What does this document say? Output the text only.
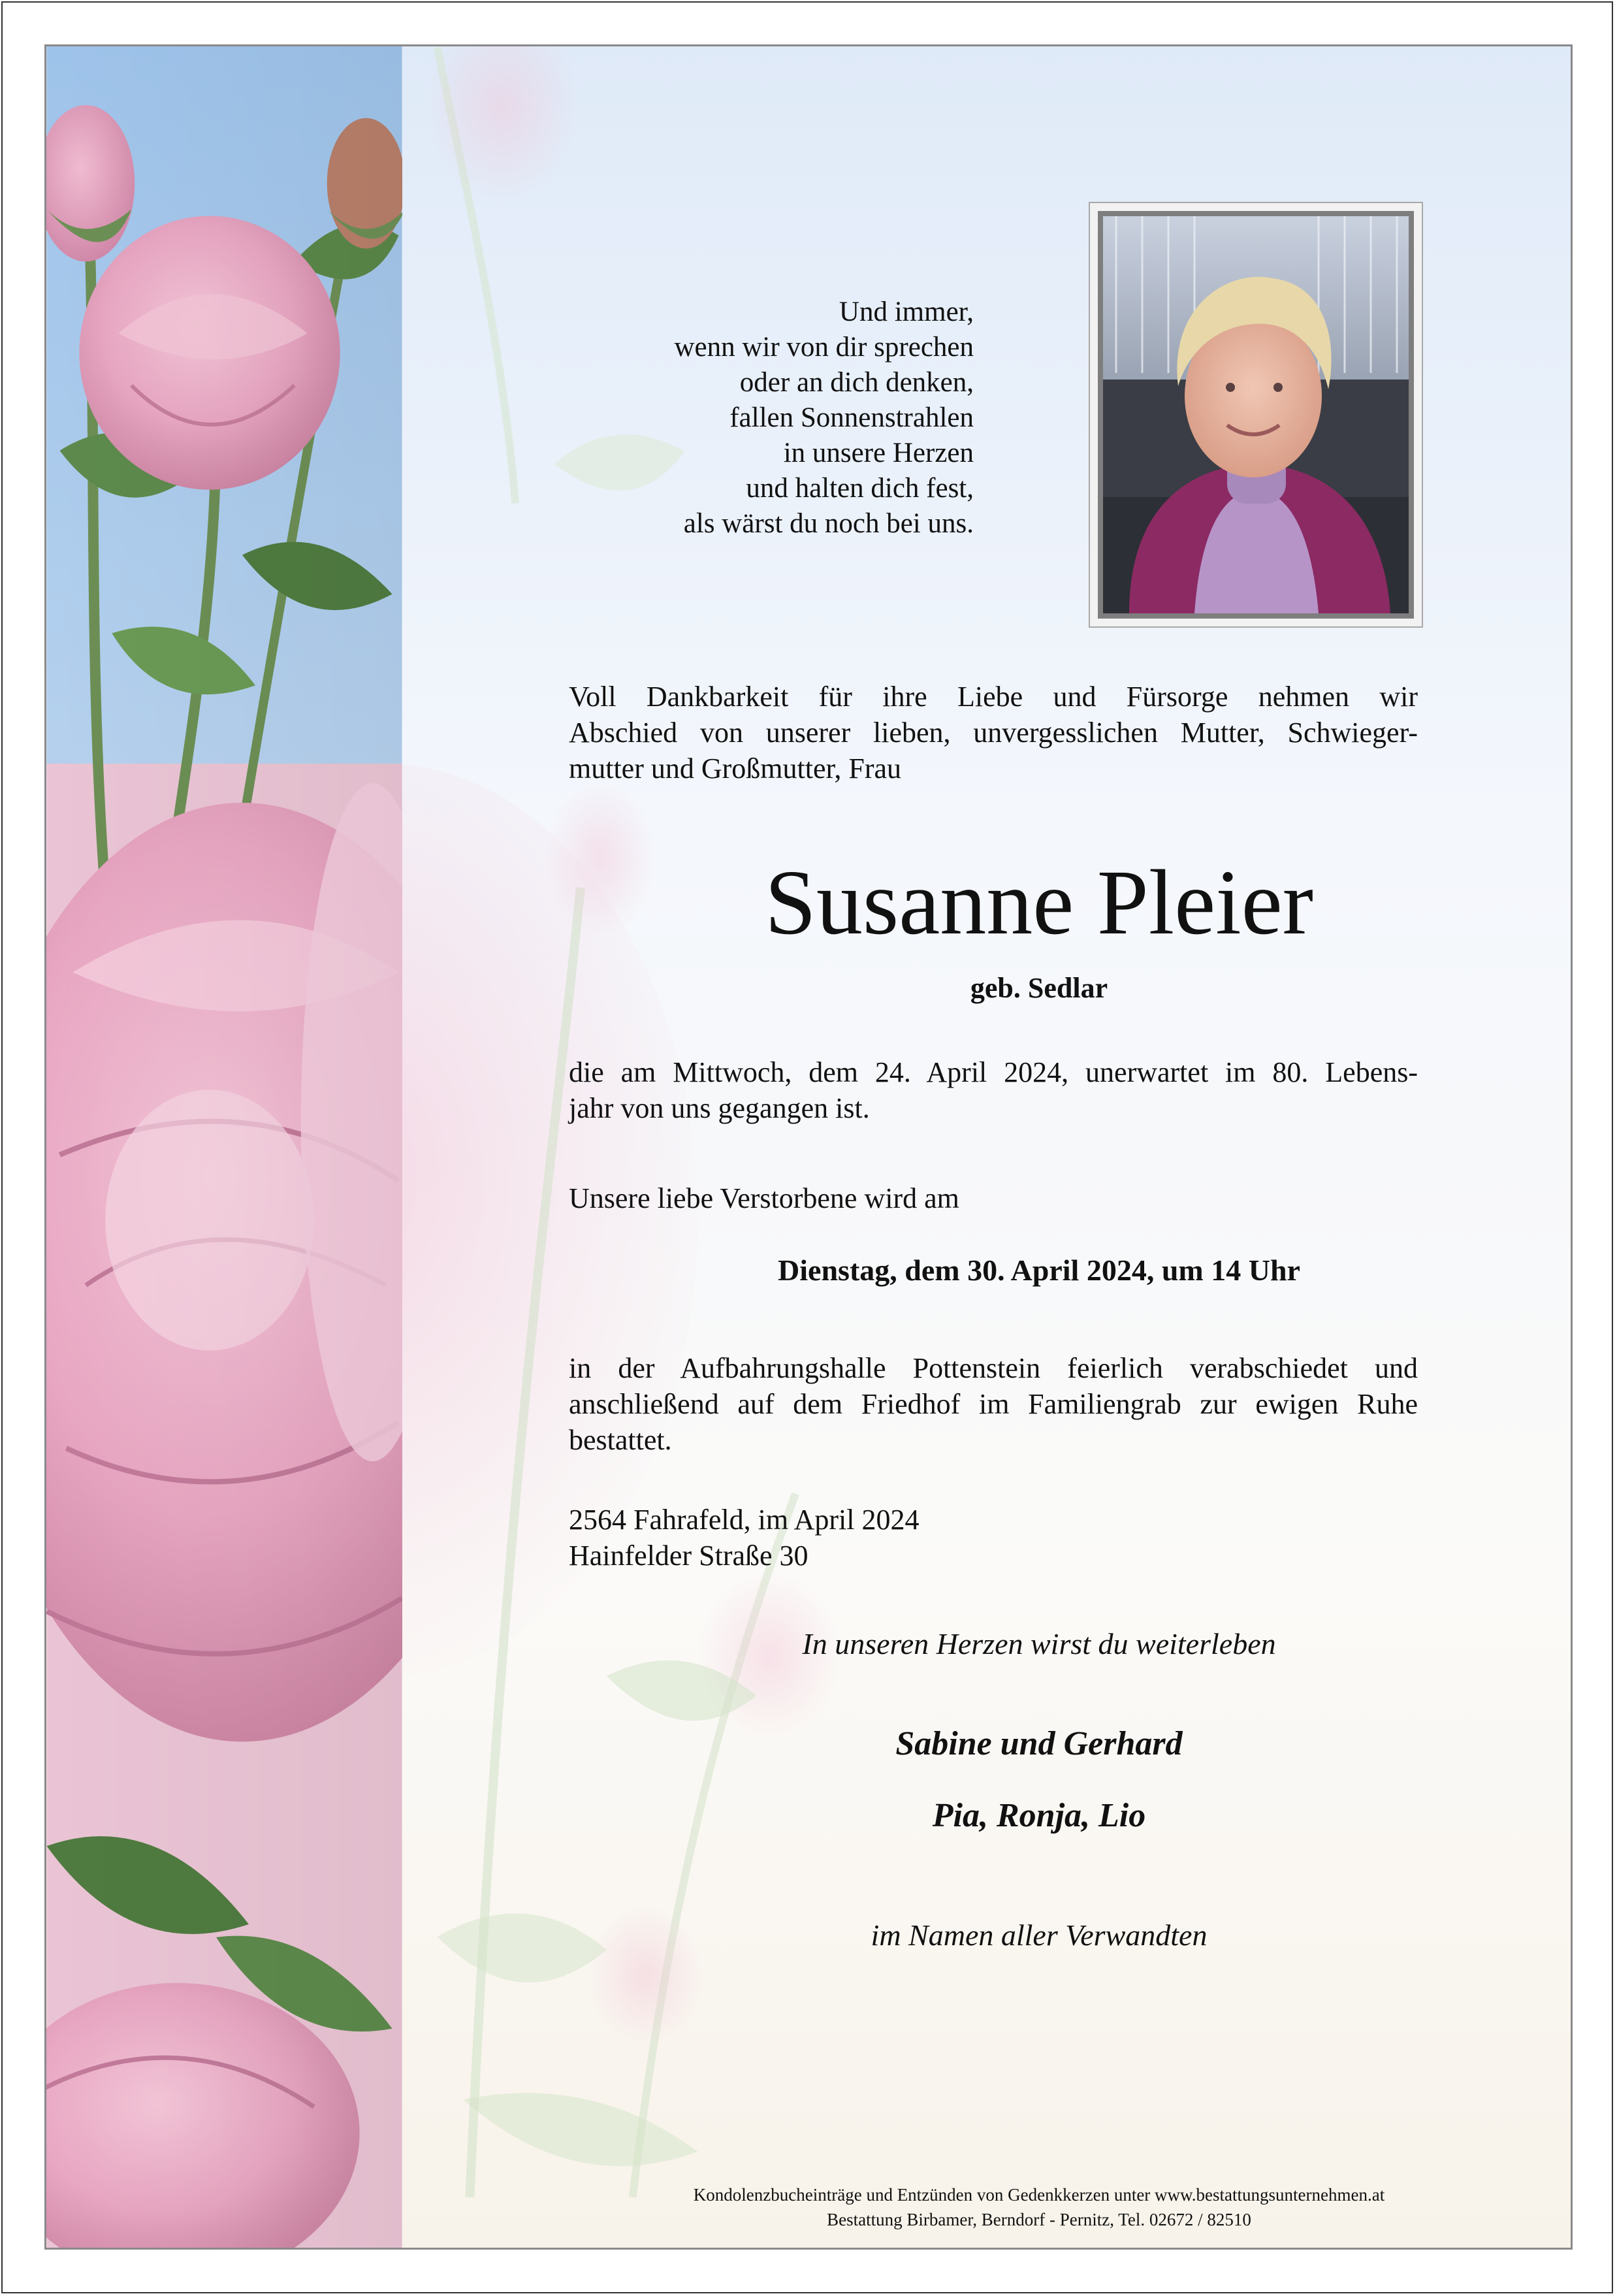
Und immer,
wenn wir von dir sprechen
oder an dich denken,
fallen Sonnenstrahlen
in unsere Herzen
und halten dich fest,
als wärst du noch bei uns.
Voll Dankbarkeit für ihre Liebe und Fürsorge nehmen wir
Abschied von unserer lieben, unvergesslichen Mutter, Schwieger-
mutter und Großmutter, Frau
Susanne Pleier
geb. Sedlar
die am Mittwoch, dem 24. April 2024, unerwartet im 80. Lebens-
jahr von uns gegangen ist.
Unsere liebe Verstorbene wird am
Dienstag, dem 30. April 2024, um 14 Uhr
in der Aufbahrungshalle Pottenstein feierlich verabschiedet und
anschließend auf dem Friedhof im Familiengrab zur ewigen Ruhe
bestattet.
2564 Fahrafeld, im April 2024
Hainfelder Straße 30
In unseren Herzen wirst du weiterleben
Sabine und Gerhard
Pia, Ronja, Lio
im Namen aller Verwandten
Kondolenzbucheinträge und Entzünden von Gedenkkerzen unter www.bestattungsunternehmen.at
Bestattung Birbamer, Berndorf - Pernitz, Tel. 02672 / 82510
